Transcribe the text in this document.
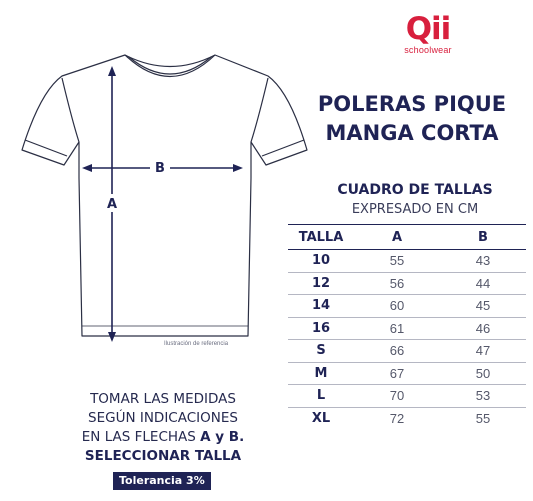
Qii
schoolwear
POLERAS PIQUE
MANGA CORTA
CUADRO DE TALLAS
EXPRESADO EN CM
TALLA	A	B
10	55	43
12	56	44
14	60	45
16	61	46
S	66	47
M	67	50
L	70	53
XL	72	55
B
A
Ilustración de referencia
TOMAR LAS MEDIDAS
SEGÚN INDICACIONES
EN LAS FLECHAS A y B.
SELECCIONAR TALLA
Tolerancia 3%
